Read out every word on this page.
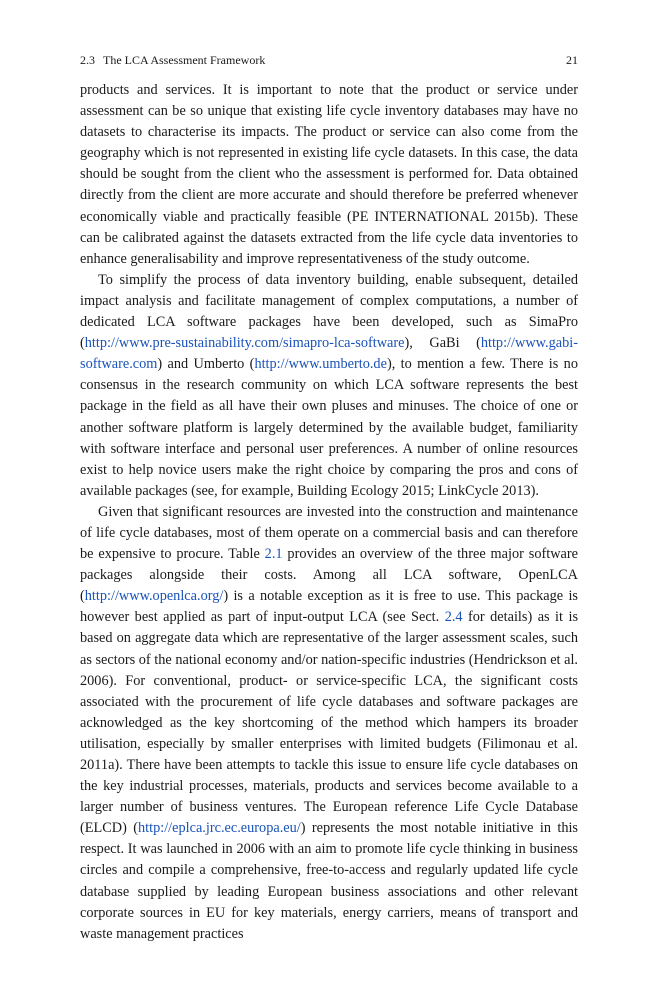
2.3 The LCA Assessment Framework	21

products and services. It is important to note that the product or service under assessment can be so unique that existing life cycle inventory databases may have no datasets to characterise its impacts. The product or service can also come from the geography which is not represented in existing life cycle datasets. In this case, the data should be sought from the client who the assessment is performed for. Data obtained directly from the client are more accurate and should therefore be preferred whenever economically viable and practically feasible (PE INTERNATIONAL 2015b). These can be calibrated against the datasets extracted from the life cycle data inventories to enhance generalisability and improve representativeness of the study outcome.

To simplify the process of data inventory building, enable subsequent, detailed impact analysis and facilitate management of complex computations, a number of dedicated LCA software packages have been developed, such as SimaPro (http://www.pre-sustainability.com/simapro-lca-software), GaBi (http://www.gabi-software.com) and Umberto (http://www.umberto.de), to mention a few. There is no consensus in the research community on which LCA software represents the best package in the field as all have their own pluses and minuses. The choice of one or another software platform is largely determined by the available budget, familiarity with software interface and personal user preferences. A number of online resources exist to help novice users make the right choice by comparing the pros and cons of available packages (see, for example, Building Ecology 2015; LinkCycle 2013).

Given that significant resources are invested into the construction and maintenance of life cycle databases, most of them operate on a commercial basis and can therefore be expensive to procure. Table 2.1 provides an overview of the three major software packages alongside their costs. Among all LCA software, OpenLCA (http://www.openlca.org/) is a notable exception as it is free to use. This package is however best applied as part of input-output LCA (see Sect. 2.4 for details) as it is based on aggregate data which are representative of the larger assessment scales, such as sectors of the national economy and/or nation-specific industries (Hendrickson et al. 2006). For conventional, product- or service-specific LCA, the significant costs associated with the procurement of life cycle databases and software packages are acknowledged as the key shortcoming of the method which hampers its broader utilisation, especially by smaller enterprises with limited budgets (Filimonau et al. 2011a). There have been attempts to tackle this issue to ensure life cycle databases on the key industrial processes, materials, products and services become available to a larger number of business ventures. The European reference Life Cycle Database (ELCD) (http://eplca.jrc.ec.europa.eu/) represents the most notable initiative in this respect. It was launched in 2006 with an aim to promote life cycle thinking in business circles and compile a comprehensive, free-to-access and regularly updated life cycle database supplied by leading European business associations and other relevant corporate sources in EU for key materials, energy carriers, means of transport and waste management practices
